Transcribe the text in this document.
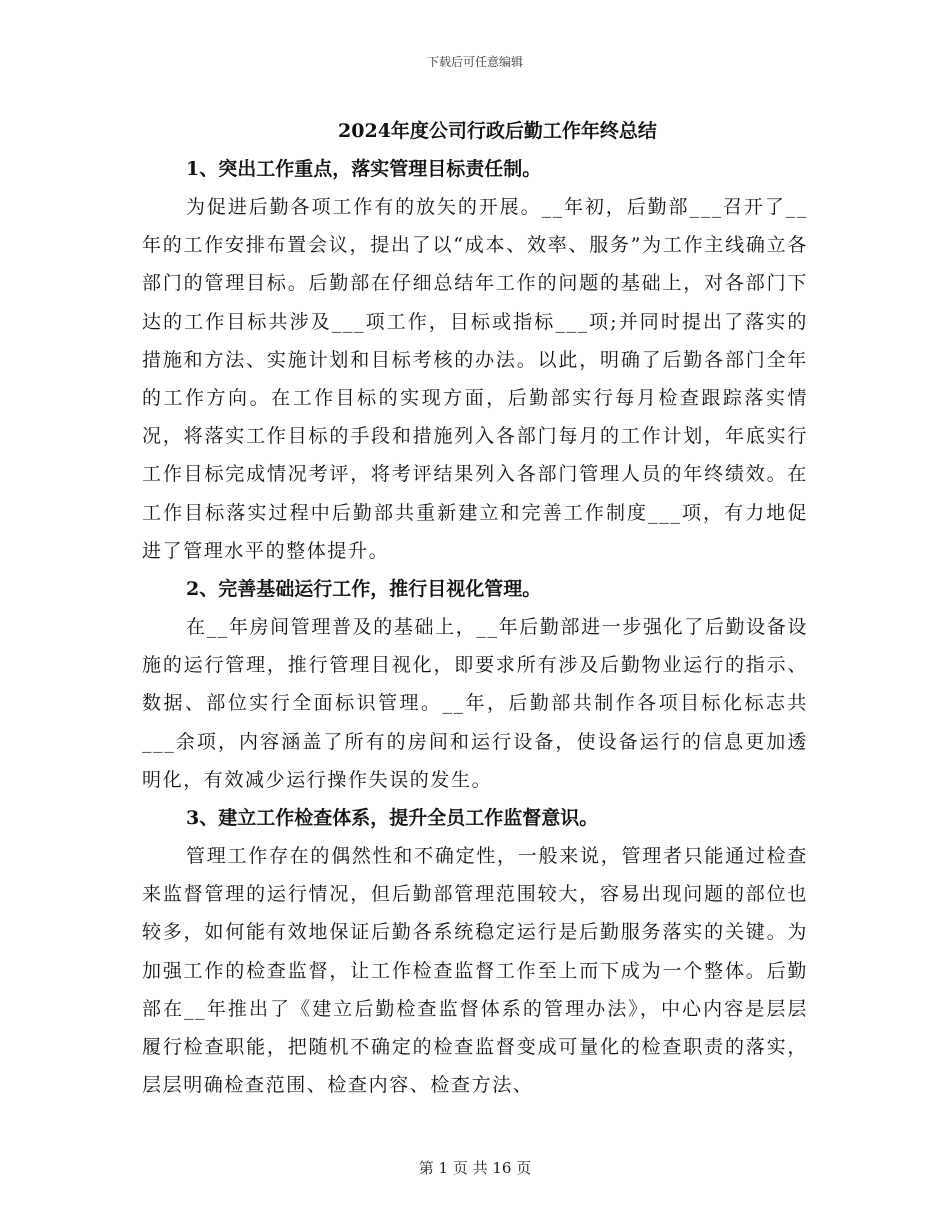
下载后可任意编辑
2024年度公司行政后勤工作年终总结

1、突出工作重点，落实管理目标责任制。

为促进后勤各项工作有的放矢的开展。__年初，后勤部___召开了__年的工作安排布置会议，提出了以“成本、效率、服务”为工作主线确立各部门的管理目标。后勤部在仔细总结年工作的问题的基础上，对各部门下达的工作目标共涉及___项工作，目标或指标___项;并同时提出了落实的措施和方法、实施计划和目标考核的办法。以此，明确了后勤各部门全年的工作方向。在工作目标的实现方面，后勤部实行每月检查跟踪落实情况，将落实工作目标的手段和措施列入各部门每月的工作计划，年底实行工作目标完成情况考评，将考评结果列入各部门管理人员的年终绩效。在工作目标落实过程中后勤部共重新建立和完善工作制度___项，有力地促进了管理水平的整体提升。

2、完善基础运行工作，推行目视化管理。

在__年房间管理普及的基础上，__年后勤部进一步强化了后勤设备设施的运行管理，推行管理目视化，即要求所有涉及后勤物业运行的指示、数据、部位实行全面标识管理。__年，后勤部共制作各项目标化标志共___余项，内容涵盖了所有的房间和运行设备，使设备运行的信息更加透明化，有效减少运行操作失误的发生。

3、建立工作检查体系，提升全员工作监督意识。

管理工作存在的偶然性和不确定性，一般来说，管理者只能通过检查来监督管理的运行情况，但后勤部管理范围较大，容易出现问题的部位也较多，如何能有效地保证后勤各系统稳定运行是后勤服务落实的关键。为加强工作的检查监督，让工作检查监督工作至上而下成为一个整体。后勤部在__年推出了《建立后勤检查监督体系的管理办法》，中心内容是层层履行检查职能，把随机不确定的检查监督变成可量化的检查职责的落实，层层明确检查范围、检查内容、检查方法、

第 1 页 共 16 页
